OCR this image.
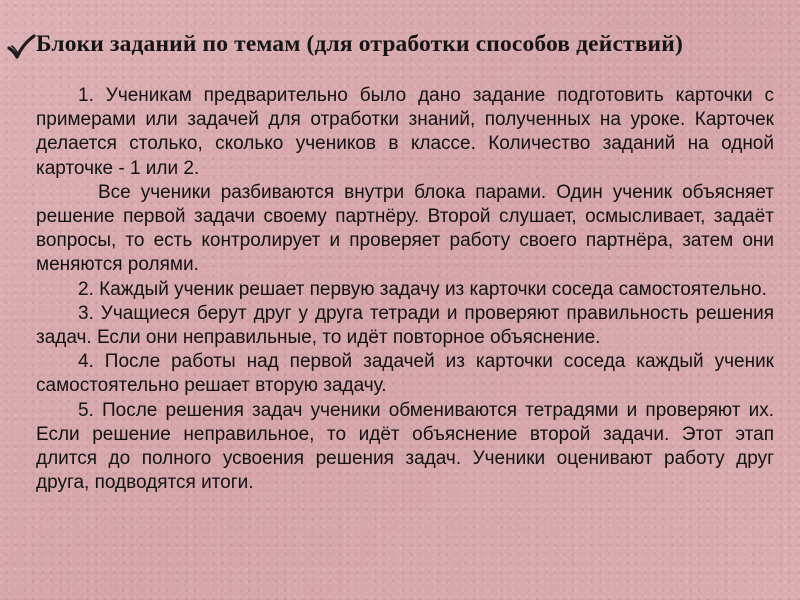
Блоки заданий по темам (для отработки способов действий)

1. Ученикам предварительно было дано задание подготовить карточки с примерами или задачей для отработки знаний, полученных на уроке. Карточек делается столько, сколько учеников в классе. Количество заданий на одной карточке - 1 или 2.

Все ученики разбиваются внутри блока парами. Один ученик объясняет решение первой задачи своему партнёру. Второй слушает, осмысливает, задаёт вопросы, то есть контролирует и проверяет работу своего партнёра, затем они меняются ролями.

2. Каждый ученик решает первую задачу из карточки соседа самостоятельно.

3. Учащиеся берут друг у друга тетради и проверяют правильность решения задач. Если они неправильные, то идёт повторное объяснение.

4. После работы над первой задачей из карточки соседа каждый ученик самостоятельно решает вторую задачу.

5. После решения задач ученики обмениваются тетрадями и проверяют их. Если решение неправильное, то идёт объяснение второй задачи. Этот этап длится до полного усвоения решения задач. Ученики оценивают работу друг друга, подводятся итоги.
